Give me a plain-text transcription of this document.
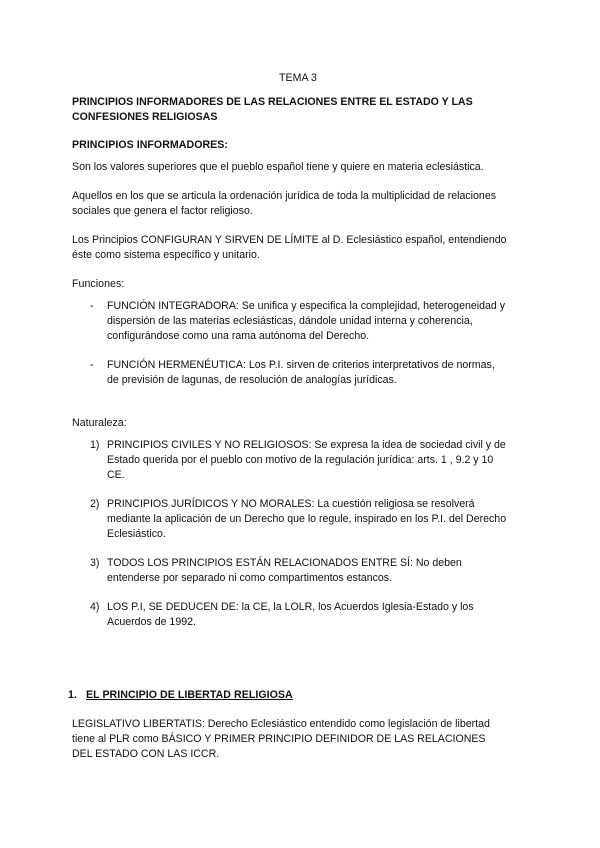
TEMA 3
PRINCIPIOS INFORMADORES DE LAS RELACIONES ENTRE EL ESTADO Y LAS
CONFESIONES RELIGIOSAS
PRINCIPIOS INFORMADORES:
Son los valores superiores que el pueblo español tiene y quiere en materia eclesiástica.
Aquellos en los que se articula la ordenación jurídica de toda la multiplicidad de relaciones
sociales que genera el factor religioso.
Los Principios CONFIGURAN Y SIRVEN DE LÍMITE al D. Eclesiástico español, entendiendo
éste como sistema específico y unitario.
Funciones:
- FUNCIÓN INTEGRADORA: Se unifica y especifica la complejidad, heterogeneidad y
dispersión de las materias eclesiásticas, dándole unidad interna y coherencia,
configurándose como una rama autónoma del Derecho.
- FUNCIÓN HERMENÉUTICA: Los P.I. sirven de criterios interpretativos de normas,
de previsión de lagunas, de resolución de analogías jurídicas.
Naturaleza:
1) PRINCIPIOS CIVILES Y NO RELIGIOSOS: Se expresa la idea de sociedad civil y de
Estado querida por el pueblo con motivo de la regulación jurídica: arts. 1 , 9.2 y 10
CE.
2) PRINCIPIOS JURÍDICOS Y NO MORALES: La cuestión religiosa se resolverá
mediante la aplicación de un Derecho que lo regule, inspirado en los P.I. del Derecho
Eclesiástico.
3) TODOS LOS PRINCIPIOS ESTÁN RELACIONADOS ENTRE SÍ: No deben
entenderse por separado ni como compartimentos estancos.
4) LOS P.I, SE DEDUCEN DE: la CE, la LOLR, los Acuerdos Iglesia-Estado y los
Acuerdos de 1992.
1. EL PRINCIPIO DE LIBERTAD RELIGIOSA
LEGISLATIVO LIBERTATIS: Derecho Eclesiástico entendido como legislación de libertad
tiene al PLR como BÁSICO Y PRIMER PRINCIPIO DEFINIDOR DE LAS RELACIONES
DEL ESTADO CON LAS ICCR.
